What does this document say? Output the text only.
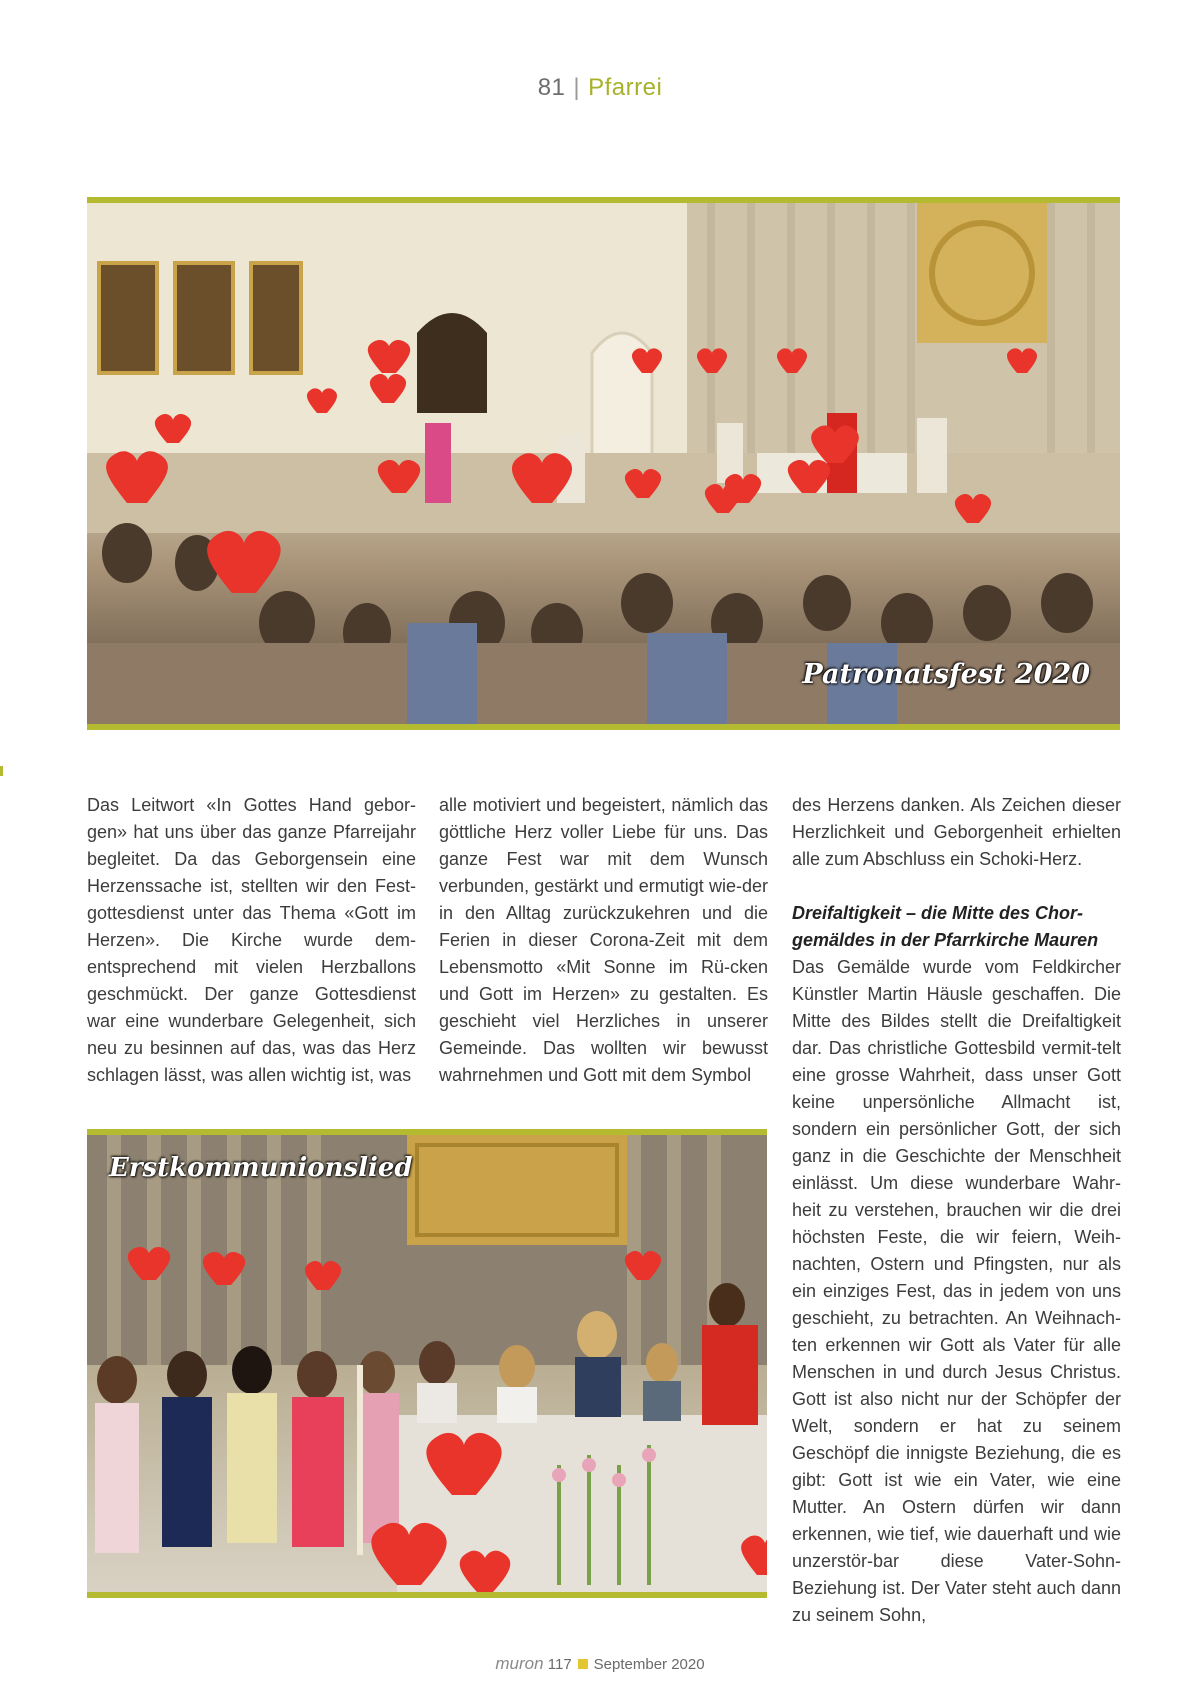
81 | Pfarrei
Patronatsfest 2020

Das Leitwort «In Gottes Hand gebor-gen» hat uns über das ganze Pfarreijahr begleitet. Da das Geborgensein eine Herzenssache ist, stellten wir den Fest-gottesdienst unter das Thema «Gott im Herzen». Die Kirche wurde dem-entsprechend mit vielen Herzballons geschmückt. Der ganze Gottesdienst war eine wunderbare Gelegenheit, sich neu zu besinnen auf das, was das Herz schlagen lässt, was allen wichtig ist, was

alle motiviert und begeistert, nämlich das göttliche Herz voller Liebe für uns. Das ganze Fest war mit dem Wunsch verbunden, gestärkt und ermutigt wie-der in den Alltag zurückzukehren und die Ferien in dieser Corona-Zeit mit dem Lebensmotto «Mit Sonne im Rü-cken und Gott im Herzen» zu gestalten. Es geschieht viel Herzliches in unserer Gemeinde. Das wollten wir bewusst wahrnehmen und Gott mit dem Symbol

des Herzens danken. Als Zeichen dieser Herzlichkeit und Geborgenheit erhielten alle zum Abschluss ein Schoki-Herz.

Dreifaltigkeit – die Mitte des Chor-gemäldes in der Pfarrkirche Mauren

Das Gemälde wurde vom Feldkircher Künstler Martin Häusle geschaffen. Die Mitte des Bildes stellt die Dreifaltigkeit dar. Das christliche Gottesbild vermit-telt eine grosse Wahrheit, dass unser Gott keine unpersönliche Allmacht ist, sondern ein persönlicher Gott, der sich ganz in die Geschichte der Menschheit einlässt. Um diese wunderbare Wahr-heit zu verstehen, brauchen wir die drei höchsten Feste, die wir feiern, Weih-nachten, Ostern und Pfingsten, nur als ein einziges Fest, das in jedem von uns geschieht, zu betrachten. An Weihnach-ten erkennen wir Gott als Vater für alle Menschen in und durch Jesus Christus. Gott ist also nicht nur der Schöpfer der Welt, sondern er hat zu seinem Geschöpf die innigste Beziehung, die es gibt: Gott ist wie ein Vater, wie eine Mutter. An Ostern dürfen wir dann erkennen, wie tief, wie dauerhaft und wie unzerstör-bar diese Vater-Sohn-Beziehung ist. Der Vater steht auch dann zu seinem Sohn,

Erstkommunionslied
muron 117 September 2020
